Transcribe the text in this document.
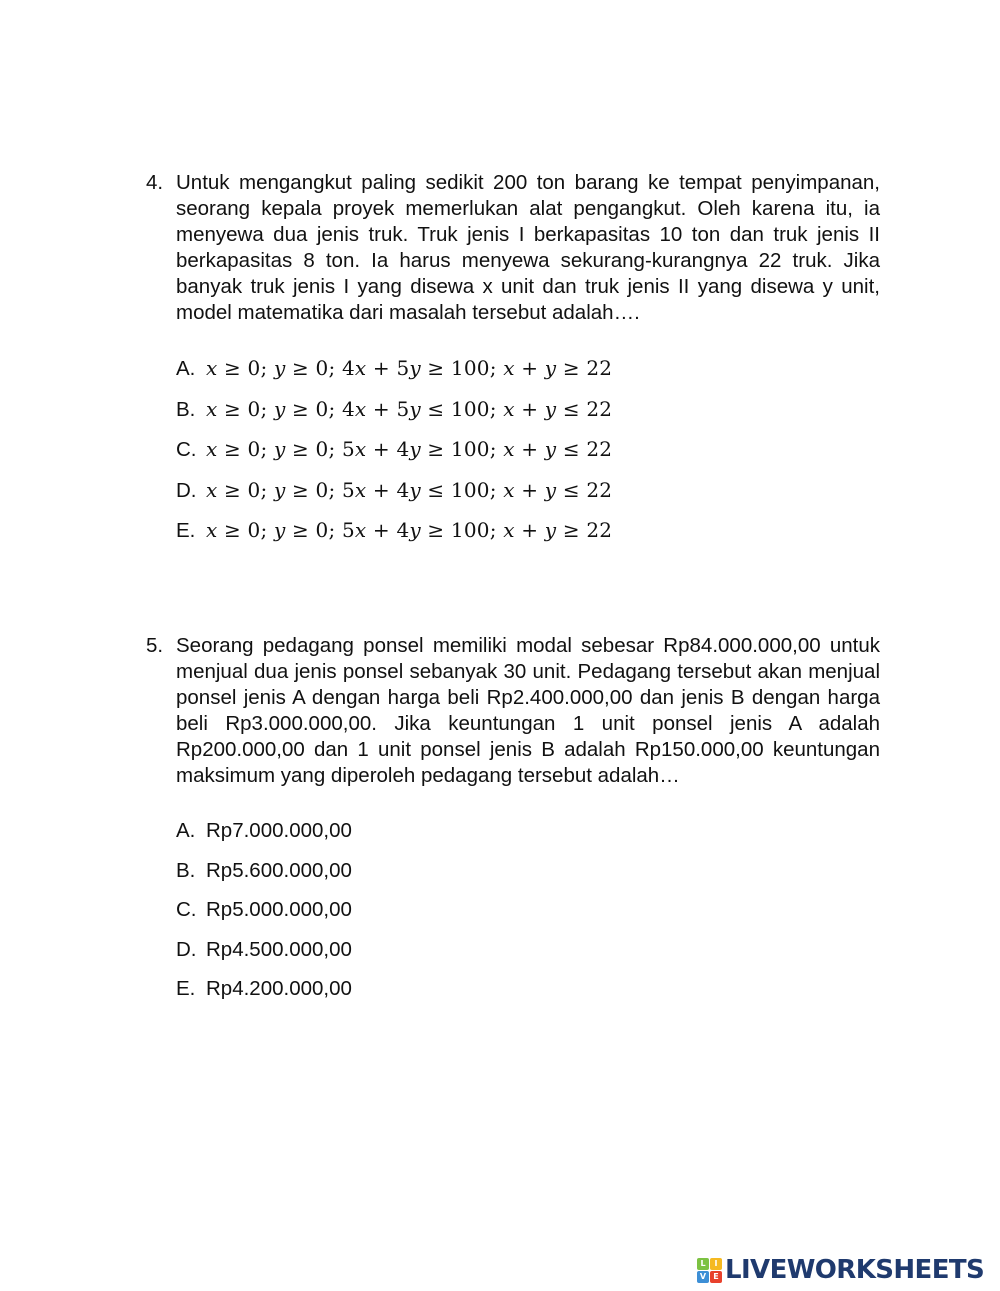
4. Untuk mengangkut paling sedikit 200 ton barang ke tempat penyimpanan, seorang kepala proyek memerlukan alat pengangkut. Oleh karena itu, ia menyewa dua jenis truk. Truk jenis I berkapasitas 10 ton dan truk jenis II berkapasitas 8 ton. Ia harus menyewa sekurang-kurangnya 22 truk. Jika banyak truk jenis I yang disewa x unit dan truk jenis II yang disewa y unit, model matematika dari masalah tersebut adalah….
A. 𝑥 ≥ 0; 𝑦 ≥ 0; 4𝑥 + 5𝑦 ≥ 100; 𝑥 + 𝑦 ≥ 22
B. 𝑥 ≥ 0; 𝑦 ≥ 0; 4𝑥 + 5𝑦 ≤ 100; 𝑥 + 𝑦 ≤ 22
C. 𝑥 ≥ 0; 𝑦 ≥ 0; 5𝑥 + 4𝑦 ≥ 100; 𝑥 + 𝑦 ≤ 22
D. 𝑥 ≥ 0; 𝑦 ≥ 0; 5𝑥 + 4𝑦 ≤ 100; 𝑥 + 𝑦 ≤ 22
E. 𝑥 ≥ 0; 𝑦 ≥ 0; 5𝑥 + 4𝑦 ≥ 100; 𝑥 + 𝑦 ≥ 22
5. Seorang pedagang ponsel memiliki modal sebesar Rp84.000.000,00 untuk menjual dua jenis ponsel sebanyak 30 unit. Pedagang tersebut akan menjual ponsel jenis A dengan harga beli Rp2.400.000,00 dan jenis B dengan harga beli Rp3.000.000,00. Jika keuntungan 1 unit ponsel jenis A adalah Rp200.000,00 dan 1 unit ponsel jenis B adalah Rp150.000,00 keuntungan maksimum yang diperoleh pedagang tersebut adalah…
A. Rp7.000.000,00
B. Rp5.600.000,00
C. Rp5.000.000,00
D. Rp4.500.000,00
E. Rp4.200.000,00
L	I
V E LIVEWORKSHEETS
